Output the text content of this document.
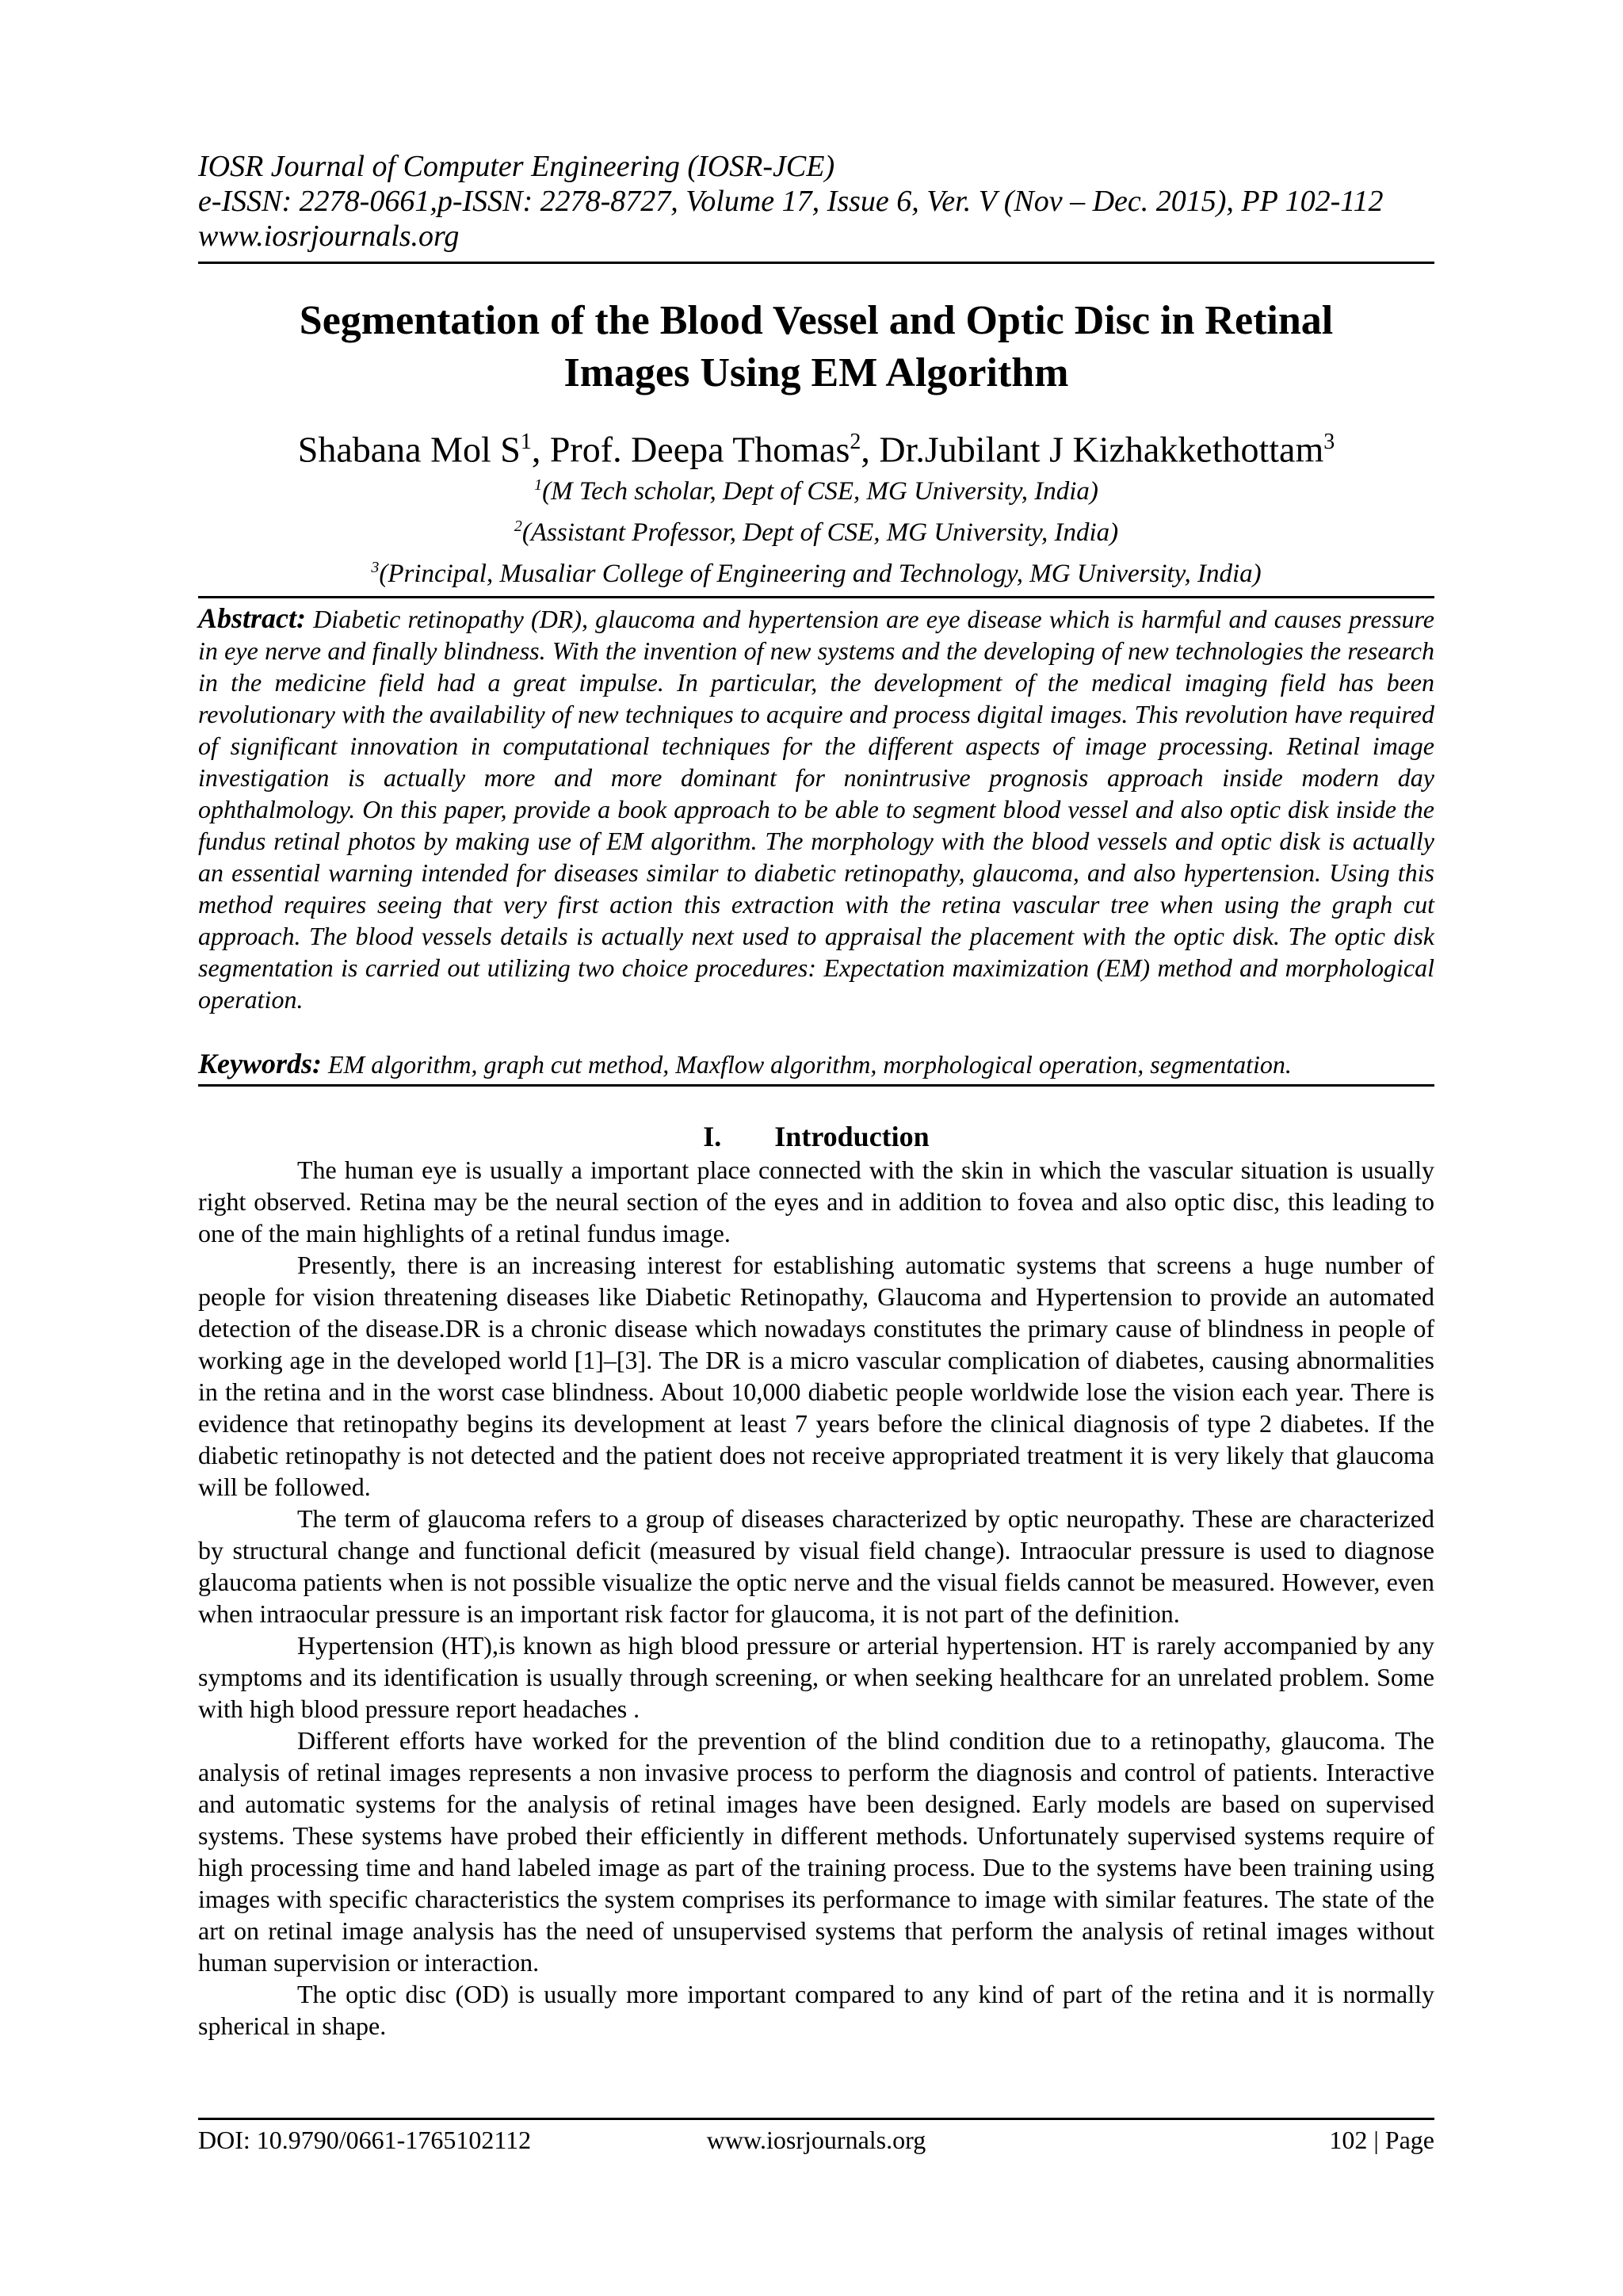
IOSR Journal of Computer Engineering (IOSR-JCE)
e-ISSN: 2278-0661,p-ISSN: 2278-8727, Volume 17, Issue 6, Ver. V (Nov – Dec. 2015), PP 102-112
www.iosrjournals.org
Segmentation of the Blood Vessel and Optic Disc in Retinal
Images Using EM Algorithm
Shabana Mol $S^1$, Prof. Deepa Thomas$^2$, Dr.Jubilant J Kizhakkethottam$^3$
$^1$(M Tech scholar, Dept of CSE, MG University, India)
$^2$(Assistant Professor, Dept of CSE, MG University, India)
$^3$(Principal, Musaliar College of Engineering and Technology, MG University, India)
Abstract: Diabetic retinopathy (DR), glaucoma and hypertension are eye disease which is harmful and causes pressure in eye nerve and finally blindness. With the invention of new systems and the developing of new technologies the research in the medicine field had a great impulse. In particular, the development of the medical imaging field has been revolutionary with the availability of new techniques to acquire and process digital images. This revolution have required of significant innovation in computational techniques for the different aspects of image processing. Retinal image investigation is actually more and more dominant for nonintrusive prognosis approach inside modern day ophthalmology. On this paper, provide a book approach to be able to segment blood vessel and also optic disk inside the fundus retinal photos by making use of EM algorithm. The morphology with the blood vessels and optic disk is actually an essential warning intended for diseases similar to diabetic retinopathy, glaucoma, and also hypertension. Using this method requires seeing that very first action this extraction with the retina vascular tree when using the graph cut approach. The blood vessels details is actually next used to appraisal the placement with the optic disk. The optic disk segmentation is carried out utilizing two choice procedures: Expectation maximization (EM) method and morphological operation.
Keywords: EM algorithm, graph cut method, Maxflow algorithm, morphological operation, segmentation.
I. Introduction

The human eye is usually a important place connected with the skin in which the vascular situation is usually right observed. Retina may be the neural section of the eyes and in addition to fovea and also optic disc, this leading to one of the main highlights of a retinal fundus image.

Presently, there is an increasing interest for establishing automatic systems that screens a huge number of people for vision threatening diseases like Diabetic Retinopathy, Glaucoma and Hypertension to provide an automated detection of the disease.DR is a chronic disease which nowadays constitutes the primary cause of blindness in people of working age in the developed world [1]–[3]. The DR is a micro vascular complication of diabetes, causing abnormalities in the retina and in the worst case blindness. About 10,000 diabetic people worldwide lose the vision each year. There is evidence that retinopathy begins its development at least 7 years before the clinical diagnosis of type 2 diabetes. If the diabetic retinopathy is not detected and the patient does not receive appropriated treatment it is very likely that glaucoma will be followed.

The term of glaucoma refers to a group of diseases characterized by optic neuropathy. These are characterized by structural change and functional deficit (measured by visual field change). Intraocular pressure is used to diagnose glaucoma patients when is not possible visualize the optic nerve and the visual fields cannot be measured. However, even when intraocular pressure is an important risk factor for glaucoma, it is not part of the definition.

Hypertension (HT),is known as high blood pressure or arterial hypertension. HT is rarely accompanied by any symptoms and its identification is usually through screening, or when seeking healthcare for an unrelated problem. Some with high blood pressure report headaches .

Different efforts have worked for the prevention of the blind condition due to a retinopathy, glaucoma. The analysis of retinal images represents a non invasive process to perform the diagnosis and control of patients. Interactive and automatic systems for the analysis of retinal images have been designed. Early models are based on supervised systems. These systems have probed their efficiently in different methods. Unfortunately supervised systems require of high processing time and hand labeled image as part of the training process. Due to the systems have been training using images with specific characteristics the system comprises its performance to image with similar features. The state of the art on retinal image analysis has the need of unsupervised systems that perform the analysis of retinal images without human supervision or interaction.

The optic disc (OD) is usually more important compared to any kind of part of the retina and it is normally spherical in shape.

DOI: 10.9790/0661-1765102112	www.iosrjournals.org	102 | Page
